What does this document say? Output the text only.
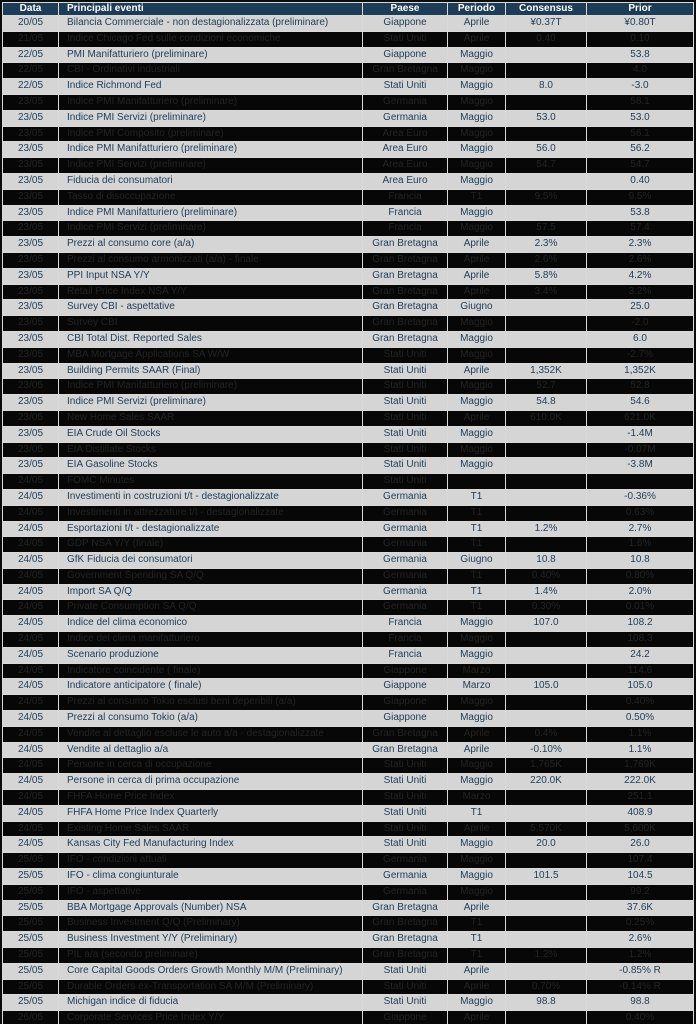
Data	Principali eventi	Paese	Periodo	Consensus	Prior
20/05	Bilancia Commerciale - non destagionalizzata (preliminare)	Giappone	Aprile	¥0.37T	¥0.80T
21/05	Indice Chicago Fed sulle condizioni economiche	Stati Uniti	Aprile	0.40	0.10
22/05	PMI Manifatturiero (preliminare)	Giappone	Maggio		53.8
22/05	CBI - Ordinativi industriali	Gran Bretagna	Maggio		4.0
22/05	Indice Richmond Fed	Stati Uniti	Maggio	8.0	-3.0
23/05	Indice PMI Manifatturiero (preliminare)	Germania	Maggio		58.1
23/05	Indice PMI Servizi (preliminare)	Germania	Maggio	53.0	53.0
23/05	Indice PMI Composito (preliminare)	Area Euro	Maggio		56.1
23/05	Indice PMI Manifatturiero (preliminare)	Area Euro	Maggio	56.0	56.2
23/05	Indice PMI Servizi (preliminare)	Area Euro	Maggio	54.7	54.7
23/05	Fiducia dei consumatori	Area Euro	Maggio		0.40
23/05	Tasso di disoccupazione	Francia	T1	9.5%	9.5%
23/05	Indice PMI Manifatturiero (preliminare)	Francia	Maggio		53.8
23/05	Indice PMI Servizi (preliminare)	Francia	Maggio	57.5	57.4
23/05	Prezzi al consumo core (a/a)	Gran Bretagna	Aprile	2.3%	2.3%
23/05	Prezzi al consumo armonizzati (a/a) - finale	Gran Bretagna	Aprile	2.6%	2.6%
23/05	PPI Input NSA Y/Y	Gran Bretagna	Aprile	5.8%	4.2%
23/05	Retail Price Index NSA Y/Y	Gran Bretagna	Aprile	3.4%	3.2%
23/05	Survey CBI - aspettative	Gran Bretagna	Giugno		25.0
23/05	Survey CBI	Gran Bretagna	Maggio		-2.0
23/05	CBI Total Dist. Reported Sales	Gran Bretagna	Maggio		6.0
23/05	MBA Mortgage Applications SA W/W	Stati Uniti	Maggio		-2.7%
23/05	Building Permits SAAR (Final)	Stati Uniti	Aprile	1,352K	1,352K
23/05	Indice PMI Manifatturiero (preliminare)	Stati Uniti	Maggio	52.7	52.8
23/05	Indice PMI Servizi (preliminare)	Stati Uniti	Maggio	54.8	54.6
23/05	New Home Sales SAAR	Stati Uniti	Aprile	610.0K	621.0K
23/05	EIA Crude Oil Stocks	Stati Uniti	Maggio		-1.4M
23/05	EIA Distillate Stocks	Stati Uniti	Maggio		-0.07M
23/05	EIA Gasoline Stocks	Stati Uniti	Maggio		-3.8M
24/05	FOMC Minutes	Stati Uniti			
24/05	Investimenti in costruzioni t/t - destagionalizzate	Germania	T1		-0.36%
24/05	Investimenti in attrezzature t/t - destagionalizzate	Germania	T1		0.63%
24/05	Esportazioni t/t - destagionalizzate	Germania	T1	1.2%	2.7%
24/05	GDP NSA Y/Y (finale)	Germania	T1		1.6%
24/05	GfK Fiducia dei consumatori	Germania	Giugno	10.8	10.8
24/05	Government Spending SA Q/Q	Germania	T1	0.40%	0.80%
24/05	Import SA Q/Q	Germania	T1	1.4%	2.0%
24/05	Private Consumption SA Q/Q	Germania	T1	0.30%	0.01%
24/05	Indice del clima economico	Francia	Maggio	107.0	108.2
24/05	Indice del clima manifatturiero	Francia	Maggio		108.3
24/05	Scenario produzione	Francia	Maggio		24.2
24/05	Indicatore coincidente ( finale)	Giappone	Marzo		114.6
24/05	Indicatore anticipatore ( finale)	Giappone	Marzo	105.0	105.0
24/05	Prezzi al consumo Tokio esclusi beni deperibili (a/a)	Giappone	Maggio		0.40%
24/05	Prezzi al consumo Tokio (a/a)	Giappone	Maggio		0.50%
24/05	Vendite al dettaglio escluse le auto a/a - destagionalizzate	Gran Bretagna	Aprile	0.4%	1.1%
24/05	Vendite al dettaglio a/a	Gran Bretagna	Aprile	-0.10%	1.1%
24/05	Persone in cerca di occupazione	Stati Uniti	Maggio	1,765K	1,769K
24/05	Persone in cerca di prima occupazione	Stati Uniti	Maggio	220.0K	222.0K
24/05	FHFA Home Price Index	Stati Uniti	Marzo		251.1
24/05	FHFA Home Price Index Quarterly	Stati Uniti	T1		408.9
24/05	Existing Home Sales SAAR	Stati Uniti	Aprile	5,570K	5,600K
24/05	Kansas City Fed Manufacturing Index	Stati Uniti	Maggio	20.0	26.0
25/05	IFO - condizioni attuali	Germania	Maggio		107.4
25/05	IFO - clima congiunturale	Germania	Maggio	101.5	104.5
25/05	IFO - aspettative	Germania	Maggio		99.2
25/05	BBA Mortgage Approvals (Number) NSA	Gran Bretagna	Aprile		37.6K
25/05	Business Investment Q/Q (Preliminary)	Gran Bretagna	T1		0.25%
25/05	Business Investment Y/Y (Preliminary)	Gran Bretagna	T1		2.6%
25/05	PIL a/a (secondo preliminare)	Gran Bretagna	T1	1.2%	1.2%
25/05	Core Capital Goods Orders Growth Monthly M/M (Preliminary)	Stati Uniti	Aprile		-0.85% R
25/05	Durable Orders ex-Transportation SA M/M (Preliminary)	Stati Uniti	Aprile	0.70%	-0.14% R
25/05	Michigan indice di fiducia	Stati Uniti	Maggio	98.8	98.8
26/05	Corporate Services Price Index Y/Y	Giappone	Aprile		0.40%
